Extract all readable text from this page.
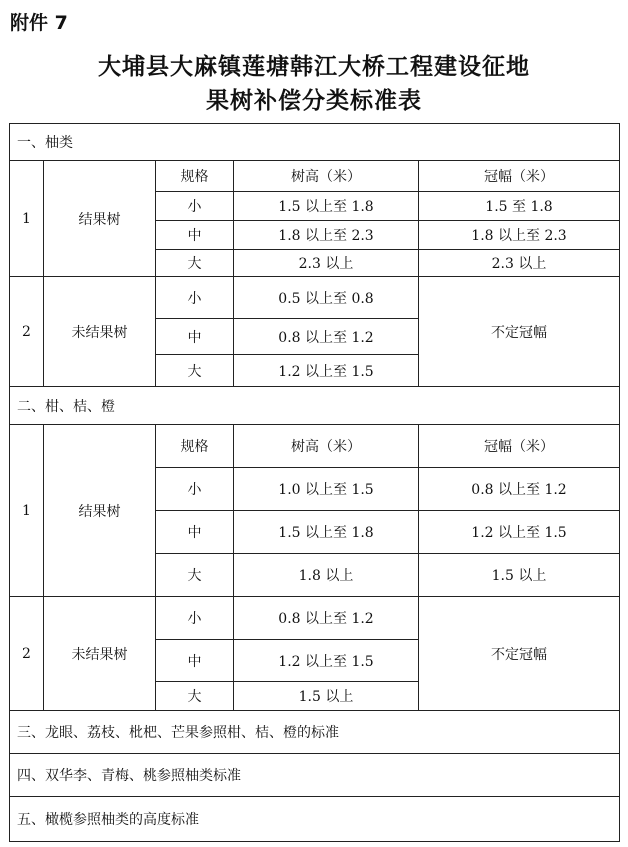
附件 7
大埔县大麻镇莲塘韩江大桥工程建设征地
果树补偿分类标准表
一、柚类				
1	结果树	规格	树高（米）	冠幅（米）
		小	1.5 以上至 1.8	1.5 至 1.8
		中	1.8 以上至 2.3	1.8 以上至 2.3
		大	2.3 以上	2.3 以上
2	未结果树	小	0.5 以上至 0.8	不定冠幅
		中	0.8 以上至 1.2	
		大	1.2 以上至 1.5	
二、柑、桔、橙				
1	结果树	规格	树高（米）	冠幅（米）
		小	1.0 以上至 1.5	0.8 以上至 1.2
		中	1.5 以上至 1.8	1.2 以上至 1.5
		大	1.8 以上	1.5 以上
2	未结果树	小	0.8 以上至 1.2	不定冠幅
		中	1.2 以上至 1.5	
		大	1.5 以上	
三、龙眼、荔枝、枇杷、芒果参照柑、桔、橙的标准				
四、双华李、青梅、桃参照柚类标准				
五、橄榄参照柚类的高度标准				
